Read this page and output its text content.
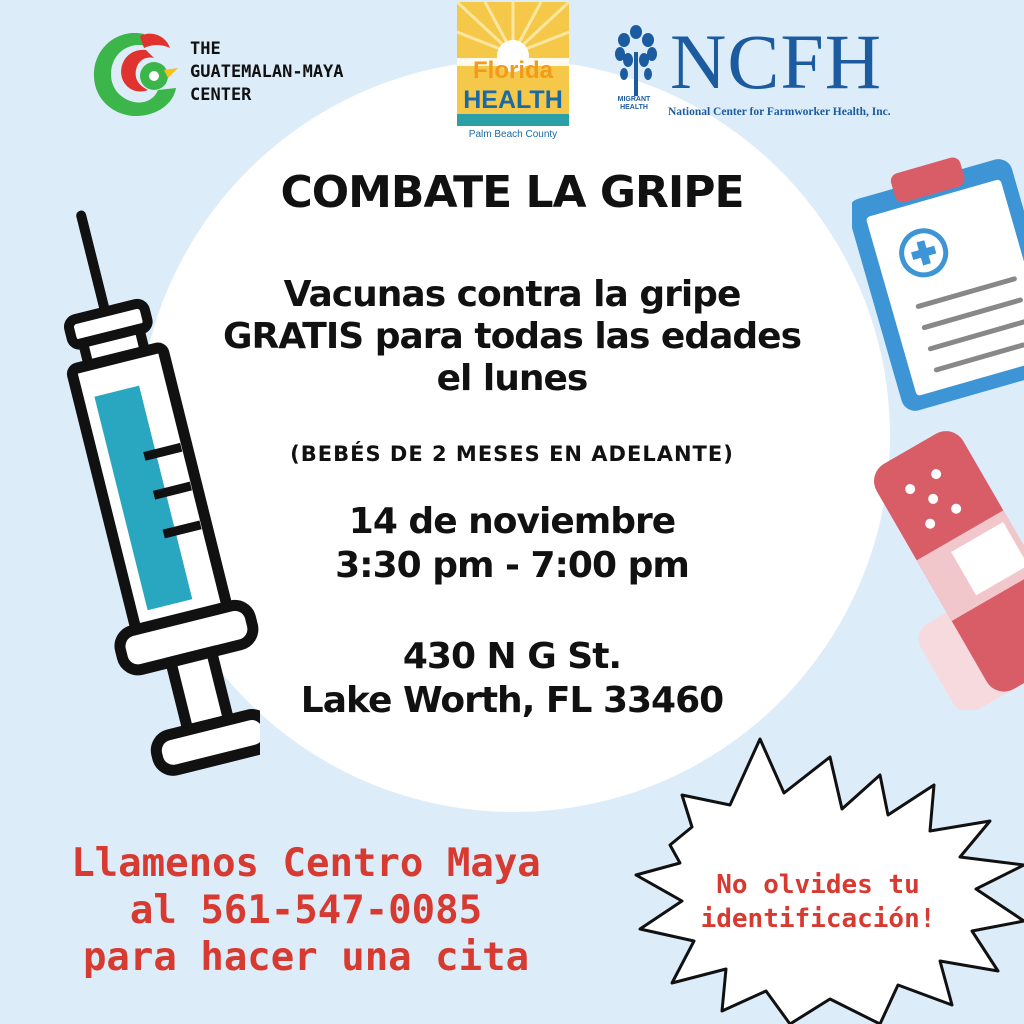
THE
GUATEMALAN-MAYA
CENTER
Florida
HEALTH
Palm Beach County
MIGRANT
HEALTH
NCFH
National Center for Farmworker Health, Inc.
COMBATE LA GRIPE
Vacunas contra la gripe
GRATIS para todas las edades
el lunes
(BEBÉS DE 2 MESES EN ADELANTE)
14 de noviembre
3:30 pm - 7:00 pm
430 N G St.
Lake Worth, FL 33460
Llamenos Centro Maya
al 561-547-0085
para hacer una cita
No olvides tu
identificación!
